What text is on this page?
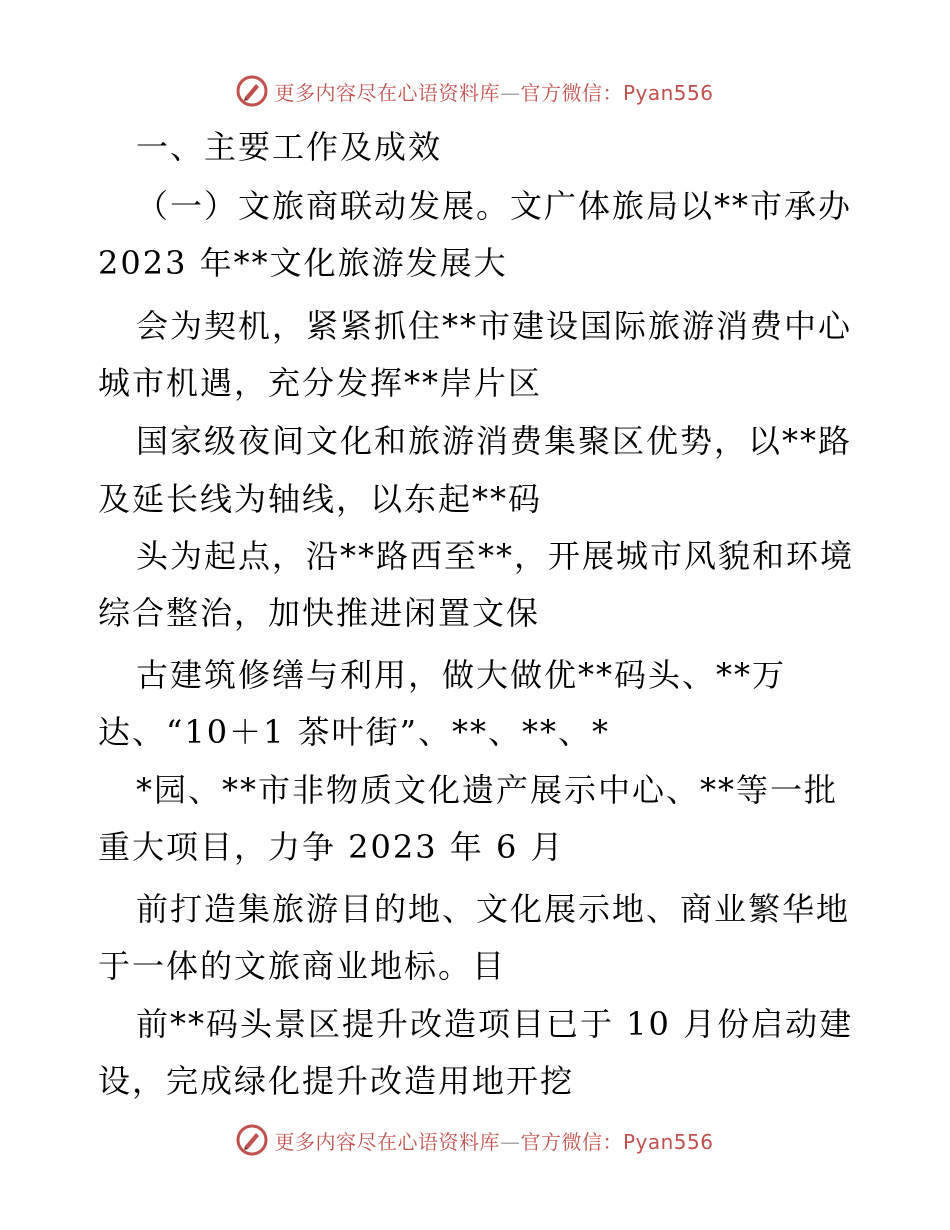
更多内容尽在心语资料库—官方微信：Pyan556
一、主要工作及成效
（一）文旅商联动发展。文广体旅局以**市承办
2023 年**文化旅游发展大
会为契机，紧紧抓住**市建设国际旅游消费中心
城市机遇，充分发挥**岸片区
国家级夜间文化和旅游消费集聚区优势，以**路
及延长线为轴线，以东起**码
头为起点，沿**路西至**，开展城市风貌和环境
综合整治，加快推进闲置文保
古建筑修缮与利用，做大做优**码头、**万
达、“10＋1 茶叶街”、**、**、*
*园、**市非物质文化遗产展示中心、**等一批
重大项目，力争 2023 年 6 月
前打造集旅游目的地、文化展示地、商业繁华地
于一体的文旅商业地标。目
前**码头景区提升改造项目已于 10 月份启动建
设，完成绿化提升改造用地开挖
更多内容尽在心语资料库—官方微信：Pyan556
